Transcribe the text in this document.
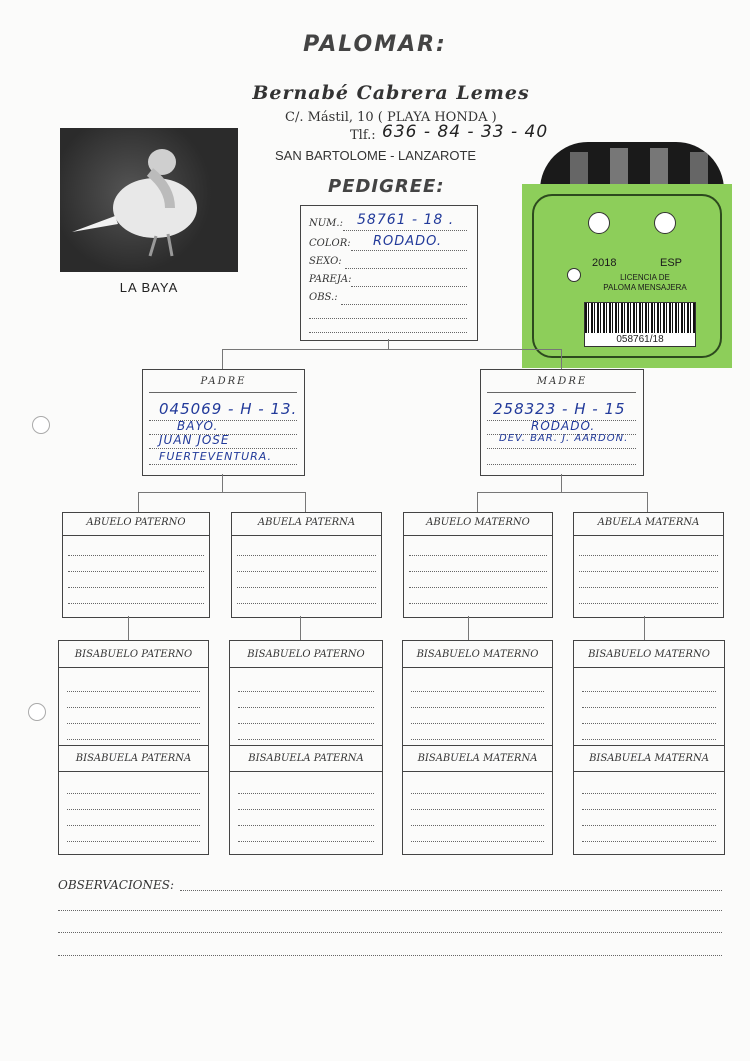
PALOMAR:
Bernabé Cabrera Lemes
C/. Mástil, 10 ( PLAYA HONDA )
Tlf.: 636 - 84 - 33 - 40
SAN BARTOLOME - LANZAROTE
PEDIGREE:
LA BAYA
2018	ESP
LICENCIA DE
PALOMA MENSAJERA
058761/18
NUM.: 58761 - 18 .
COLOR: RODADO.
SEXO:
PAREJA:
OBS.:
PADRE
045069 - H - 13.
BAYO.
JUAN JOSE
FUERTEVENTURA.
MADRE
258323 - H - 15
RODADO.
DEV. BAR. J. AARDON.
ABUELO PATERNO	ABUELA PATERNA	ABUELO MATERNO	ABUELA MATERNA
BISABUELO PATERNO
BISABUELA PATERNA
BISABUELO PATERNO
BISABUELA PATERNA
BISABUELO MATERNO
BISABUELA MATERNA
BISABUELO MATERNO
BISABUELA MATERNA
OBSERVACIONES:
